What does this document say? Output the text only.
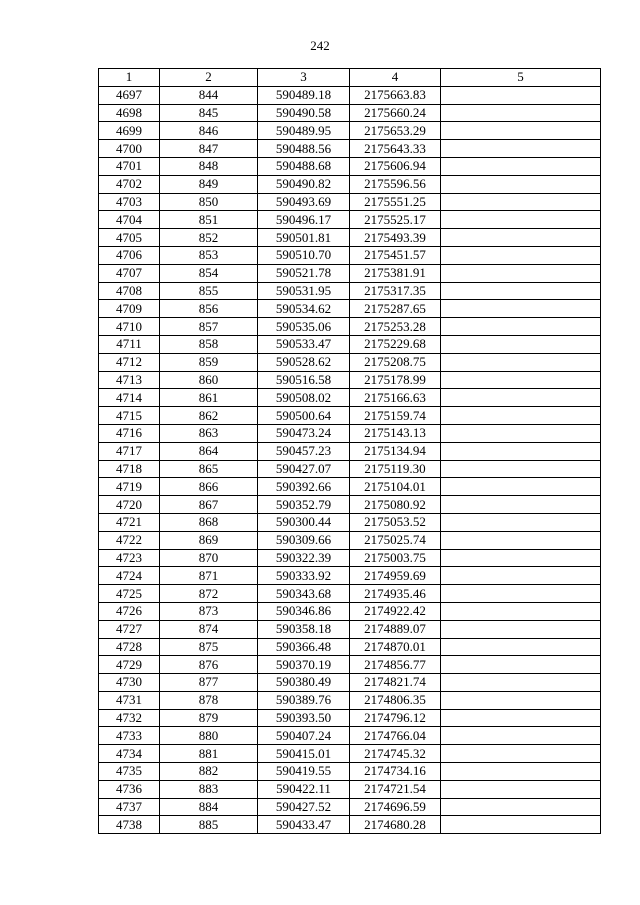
242
1	2	3	4	5
4697	844	590489.18	2175663.83	
4698	845	590490.58	2175660.24	
4699	846	590489.95	2175653.29	
4700	847	590488.56	2175643.33	
4701	848	590488.68	2175606.94	
4702	849	590490.82	2175596.56	
4703	850	590493.69	2175551.25	
4704	851	590496.17	2175525.17	
4705	852	590501.81	2175493.39	
4706	853	590510.70	2175451.57	
4707	854	590521.78	2175381.91	
4708	855	590531.95	2175317.35	
4709	856	590534.62	2175287.65	
4710	857	590535.06	2175253.28	
4711	858	590533.47	2175229.68	
4712	859	590528.62	2175208.75	
4713	860	590516.58	2175178.99	
4714	861	590508.02	2175166.63	
4715	862	590500.64	2175159.74	
4716	863	590473.24	2175143.13	
4717	864	590457.23	2175134.94	
4718	865	590427.07	2175119.30	
4719	866	590392.66	2175104.01	
4720	867	590352.79	2175080.92	
4721	868	590300.44	2175053.52	
4722	869	590309.66	2175025.74	
4723	870	590322.39	2175003.75	
4724	871	590333.92	2174959.69	
4725	872	590343.68	2174935.46	
4726	873	590346.86	2174922.42	
4727	874	590358.18	2174889.07	
4728	875	590366.48	2174870.01	
4729	876	590370.19	2174856.77	
4730	877	590380.49	2174821.74	
4731	878	590389.76	2174806.35	
4732	879	590393.50	2174796.12	
4733	880	590407.24	2174766.04	
4734	881	590415.01	2174745.32	
4735	882	590419.55	2174734.16	
4736	883	590422.11	2174721.54	
4737	884	590427.52	2174696.59	
4738	885	590433.47	2174680.28	
